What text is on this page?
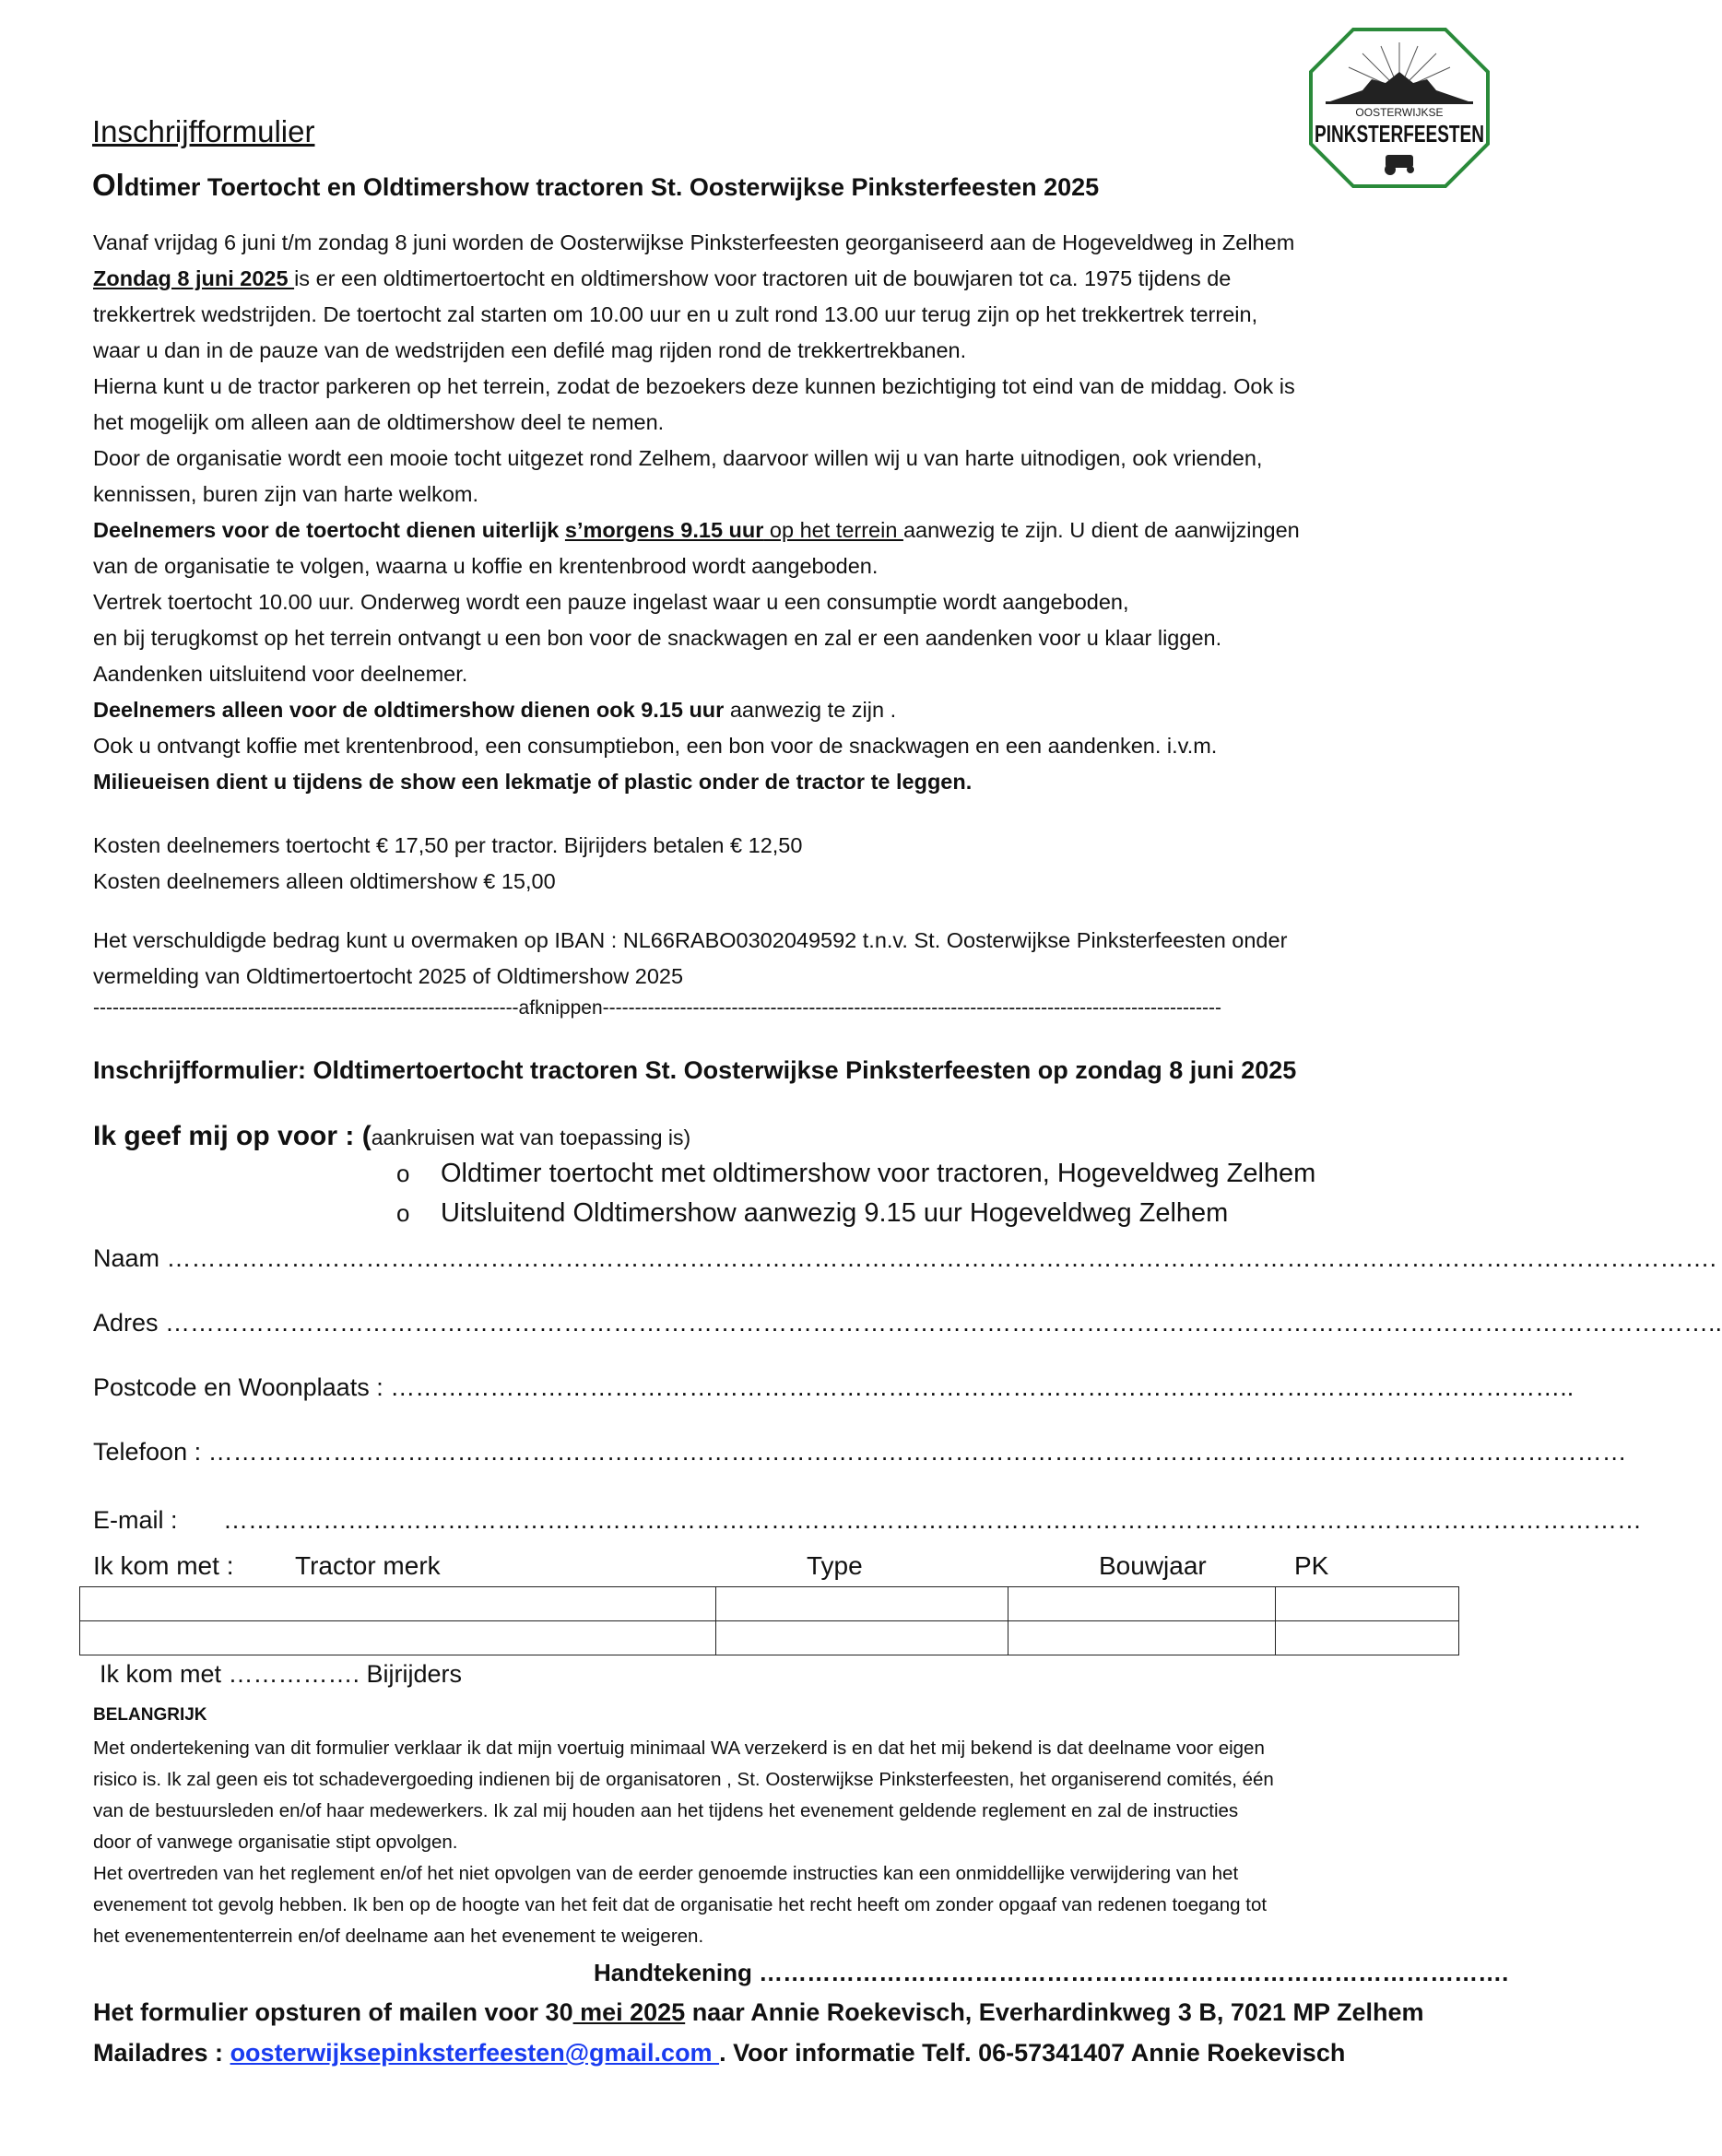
OOSTERWIJKSE
PINKSTERFEESTEN
Inschrijfformulier
Oldtimer Toertocht en Oldtimershow tractoren St. Oosterwijkse Pinksterfeesten 2025

Vanaf vrijdag 6 juni t/m zondag 8 juni worden de Oosterwijkse Pinksterfeesten georganiseerd aan de Hogeveldweg in Zelhem

Zondag 8 juni 2025 is er een oldtimertoertocht en oldtimershow voor tractoren uit de bouwjaren tot ca. 1975 tijdens de

trekkertrek wedstrijden. De toertocht zal starten om 10.00 uur en u zult rond 13.00 uur terug zijn op het trekkertrek terrein,

waar u dan in de pauze van de wedstrijden een defilé mag rijden rond de trekkertrekbanen.

Hierna kunt u de tractor parkeren op het terrein, zodat de bezoekers deze kunnen bezichtiging tot eind van de middag. Ook is

het mogelijk om alleen aan de oldtimershow deel te nemen.

Door de organisatie wordt een mooie tocht uitgezet rond Zelhem, daarvoor willen wij u van harte uitnodigen, ook vrienden,

kennissen, buren zijn van harte welkom.

Deelnemers voor de toertocht dienen uiterlijk s’morgens 9.15 uur op het terrein aanwezig te zijn. U dient de aanwijzingen

van de organisatie te volgen, waarna u koffie en krentenbrood wordt aangeboden.

Vertrek toertocht 10.00 uur. Onderweg wordt een pauze ingelast waar u een consumptie wordt aangeboden,

en bij terugkomst op het terrein ontvangt u een bon voor de snackwagen en zal er een aandenken voor u klaar liggen.

Aandenken uitsluitend voor deelnemer.

Deelnemers alleen voor de oldtimershow dienen ook 9.15 uur aanwezig te zijn .

Ook u ontvangt koffie met krentenbrood, een consumptiebon, een bon voor de snackwagen en een aandenken. i.v.m.

Milieueisen dient u tijdens de show een lekmatje of plastic onder de tractor te leggen.

Kosten deelnemers toertocht € 17,50 per tractor. Bijrijders betalen € 12,50

Kosten deelnemers alleen oldtimershow € 15,00

Het verschuldigde bedrag kunt u overmaken op IBAN : NL66RABO0302049592 t.n.v. St. Oosterwijkse Pinksterfeesten onder

vermelding van Oldtimertoertocht 2025 of Oldtimershow 2025

------------------------------------------------------------------afknippen------------------------------------------------------------------------------------------------
Inschrijfformulier: Oldtimertoertocht tractoren St. Oosterwijkse Pinksterfeesten op zondag 8 juni 2025
Ik geef mij op voor : (aankruisen wat van toepassing is)
o Oldtimer toertocht met oldtimershow voor tractoren, Hogeveldweg Zelhem
o Uitsluitend Oldtimershow aanwezig 9.15 uur Hogeveldweg Zelhem
Naam …………………………………………………………………………………………………………………………………………………………………….
Adres ……………………………………………………………………………………………………………………………………………………………………..
Postcode en Woonplaats : ……………………………………………………………………………………………………………………………..
Telefoon : ………………………………………………………………………………………………………………………………………………………
E-mail : ………………………………………………………………………………………………………………………………………………………
Ik kom met : Tractor merk	Type	Bouwjaar	PK

Ik kom met ……………. Bijrijders
BELANGRIJK

Met ondertekening van dit formulier verklaar ik dat mijn voertuig minimaal WA verzekerd is en dat het mij bekend is dat deelname voor eigen

risico is. Ik zal geen eis tot schadevergoeding indienen bij de organisatoren , St. Oosterwijkse Pinksterfeesten, het organiserend comités, één

van de bestuursleden en/of haar medewerkers. Ik zal mij houden aan het tijdens het evenement geldende reglement en zal de instructies

door of vanwege organisatie stipt opvolgen.

Het overtreden van het reglement en/of het niet opvolgen van de eerder genoemde instructies kan een onmiddellijke verwijdering van het

evenement tot gevolg hebben. Ik ben op de hoogte van het feit dat de organisatie het recht heeft om zonder opgaaf van redenen toegang tot

het evenemententerrein en/of deelname aan het evenement te weigeren.

Handtekening ………………………………………………………………………………….
Het formulier opsturen of mailen voor 30 mei 2025 naar Annie Roekevisch, Everhardinkweg 3 B, 7021 MP Zelhem
Mailadres : oosterwijksepinksterfeesten@gmail.com . Voor informatie Telf. 06-57341407 Annie Roekevisch
